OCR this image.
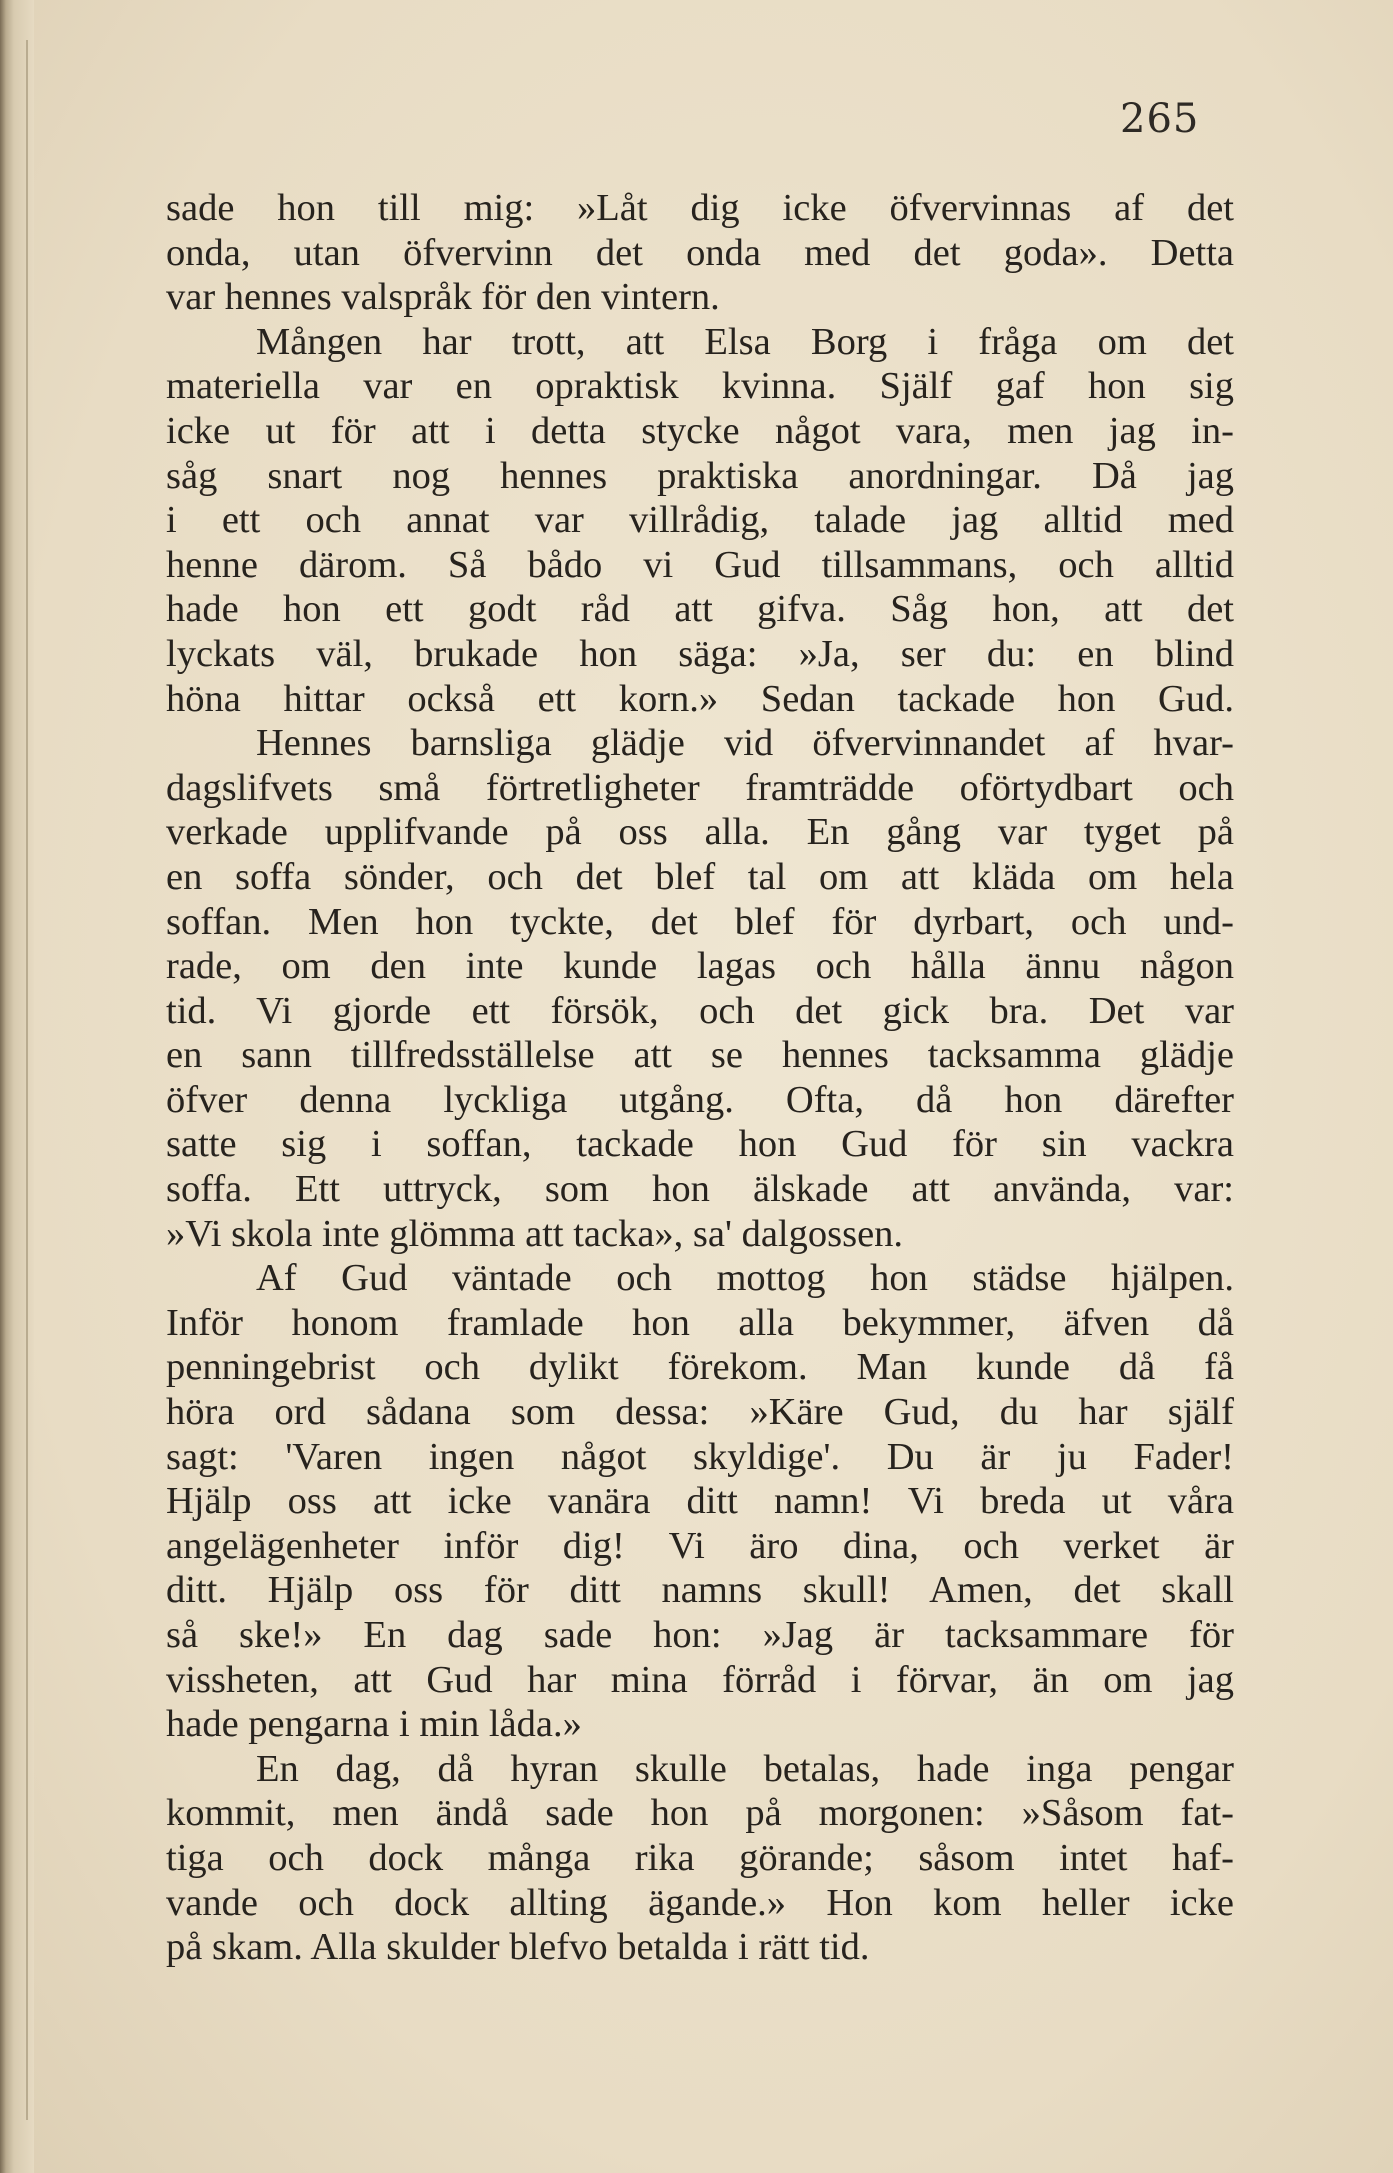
265
sade hon till mig: »Låt dig icke öfvervinnas af det
onda, utan öfvervinn det onda med det goda». Detta
var hennes valspråk för den vintern.
Mången har trott, att Elsa Borg i fråga om det
materiella var en opraktisk kvinna. Själf gaf hon sig
icke ut för att i detta stycke något vara, men jag in-
såg snart nog hennes praktiska anordningar. Då jag
i ett och annat var villrådig, talade jag alltid med
henne därom. Så bådo vi Gud tillsammans, och alltid
hade hon ett godt råd att gifva. Såg hon, att det
lyckats väl, brukade hon säga: »Ja, ser du: en blind
höna hittar också ett korn.» Sedan tackade hon Gud.
Hennes barnsliga glädje vid öfvervinnandet af hvar-
dagslifvets små förtretligheter framträdde oförtydbart och
verkade upplifvande på oss alla. En gång var tyget på
en soffa sönder, och det blef tal om att kläda om hela
soffan. Men hon tyckte, det blef för dyrbart, och und-
rade, om den inte kunde lagas och hålla ännu någon
tid. Vi gjorde ett försök, och det gick bra. Det var
en sann tillfredsställelse att se hennes tacksamma glädje
öfver denna lyckliga utgång. Ofta, då hon därefter
satte sig i soffan, tackade hon Gud för sin vackra
soffa. Ett uttryck, som hon älskade att använda, var:
»Vi skola inte glömma att tacka», sa' dalgossen.
Af Gud väntade och mottog hon städse hjälpen.
Inför honom framlade hon alla bekymmer, äfven då
penningebrist och dylikt förekom. Man kunde då få
höra ord sådana som dessa: »Käre Gud, du har själf
sagt: 'Varen ingen något skyldige'. Du är ju Fader!
Hjälp oss att icke vanära ditt namn! Vi breda ut våra
angelägenheter inför dig! Vi äro dina, och verket är
ditt. Hjälp oss för ditt namns skull! Amen, det skall
så ske!» En dag sade hon: »Jag är tacksammare för
vissheten, att Gud har mina förråd i förvar, än om jag
hade pengarna i min låda.»
En dag, då hyran skulle betalas, hade inga pengar
kommit, men ändå sade hon på morgonen: »Såsom fat-
tiga och dock många rika görande; såsom intet haf-
vande och dock allting ägande.» Hon kom heller icke
på skam. Alla skulder blefvo betalda i rätt tid.
